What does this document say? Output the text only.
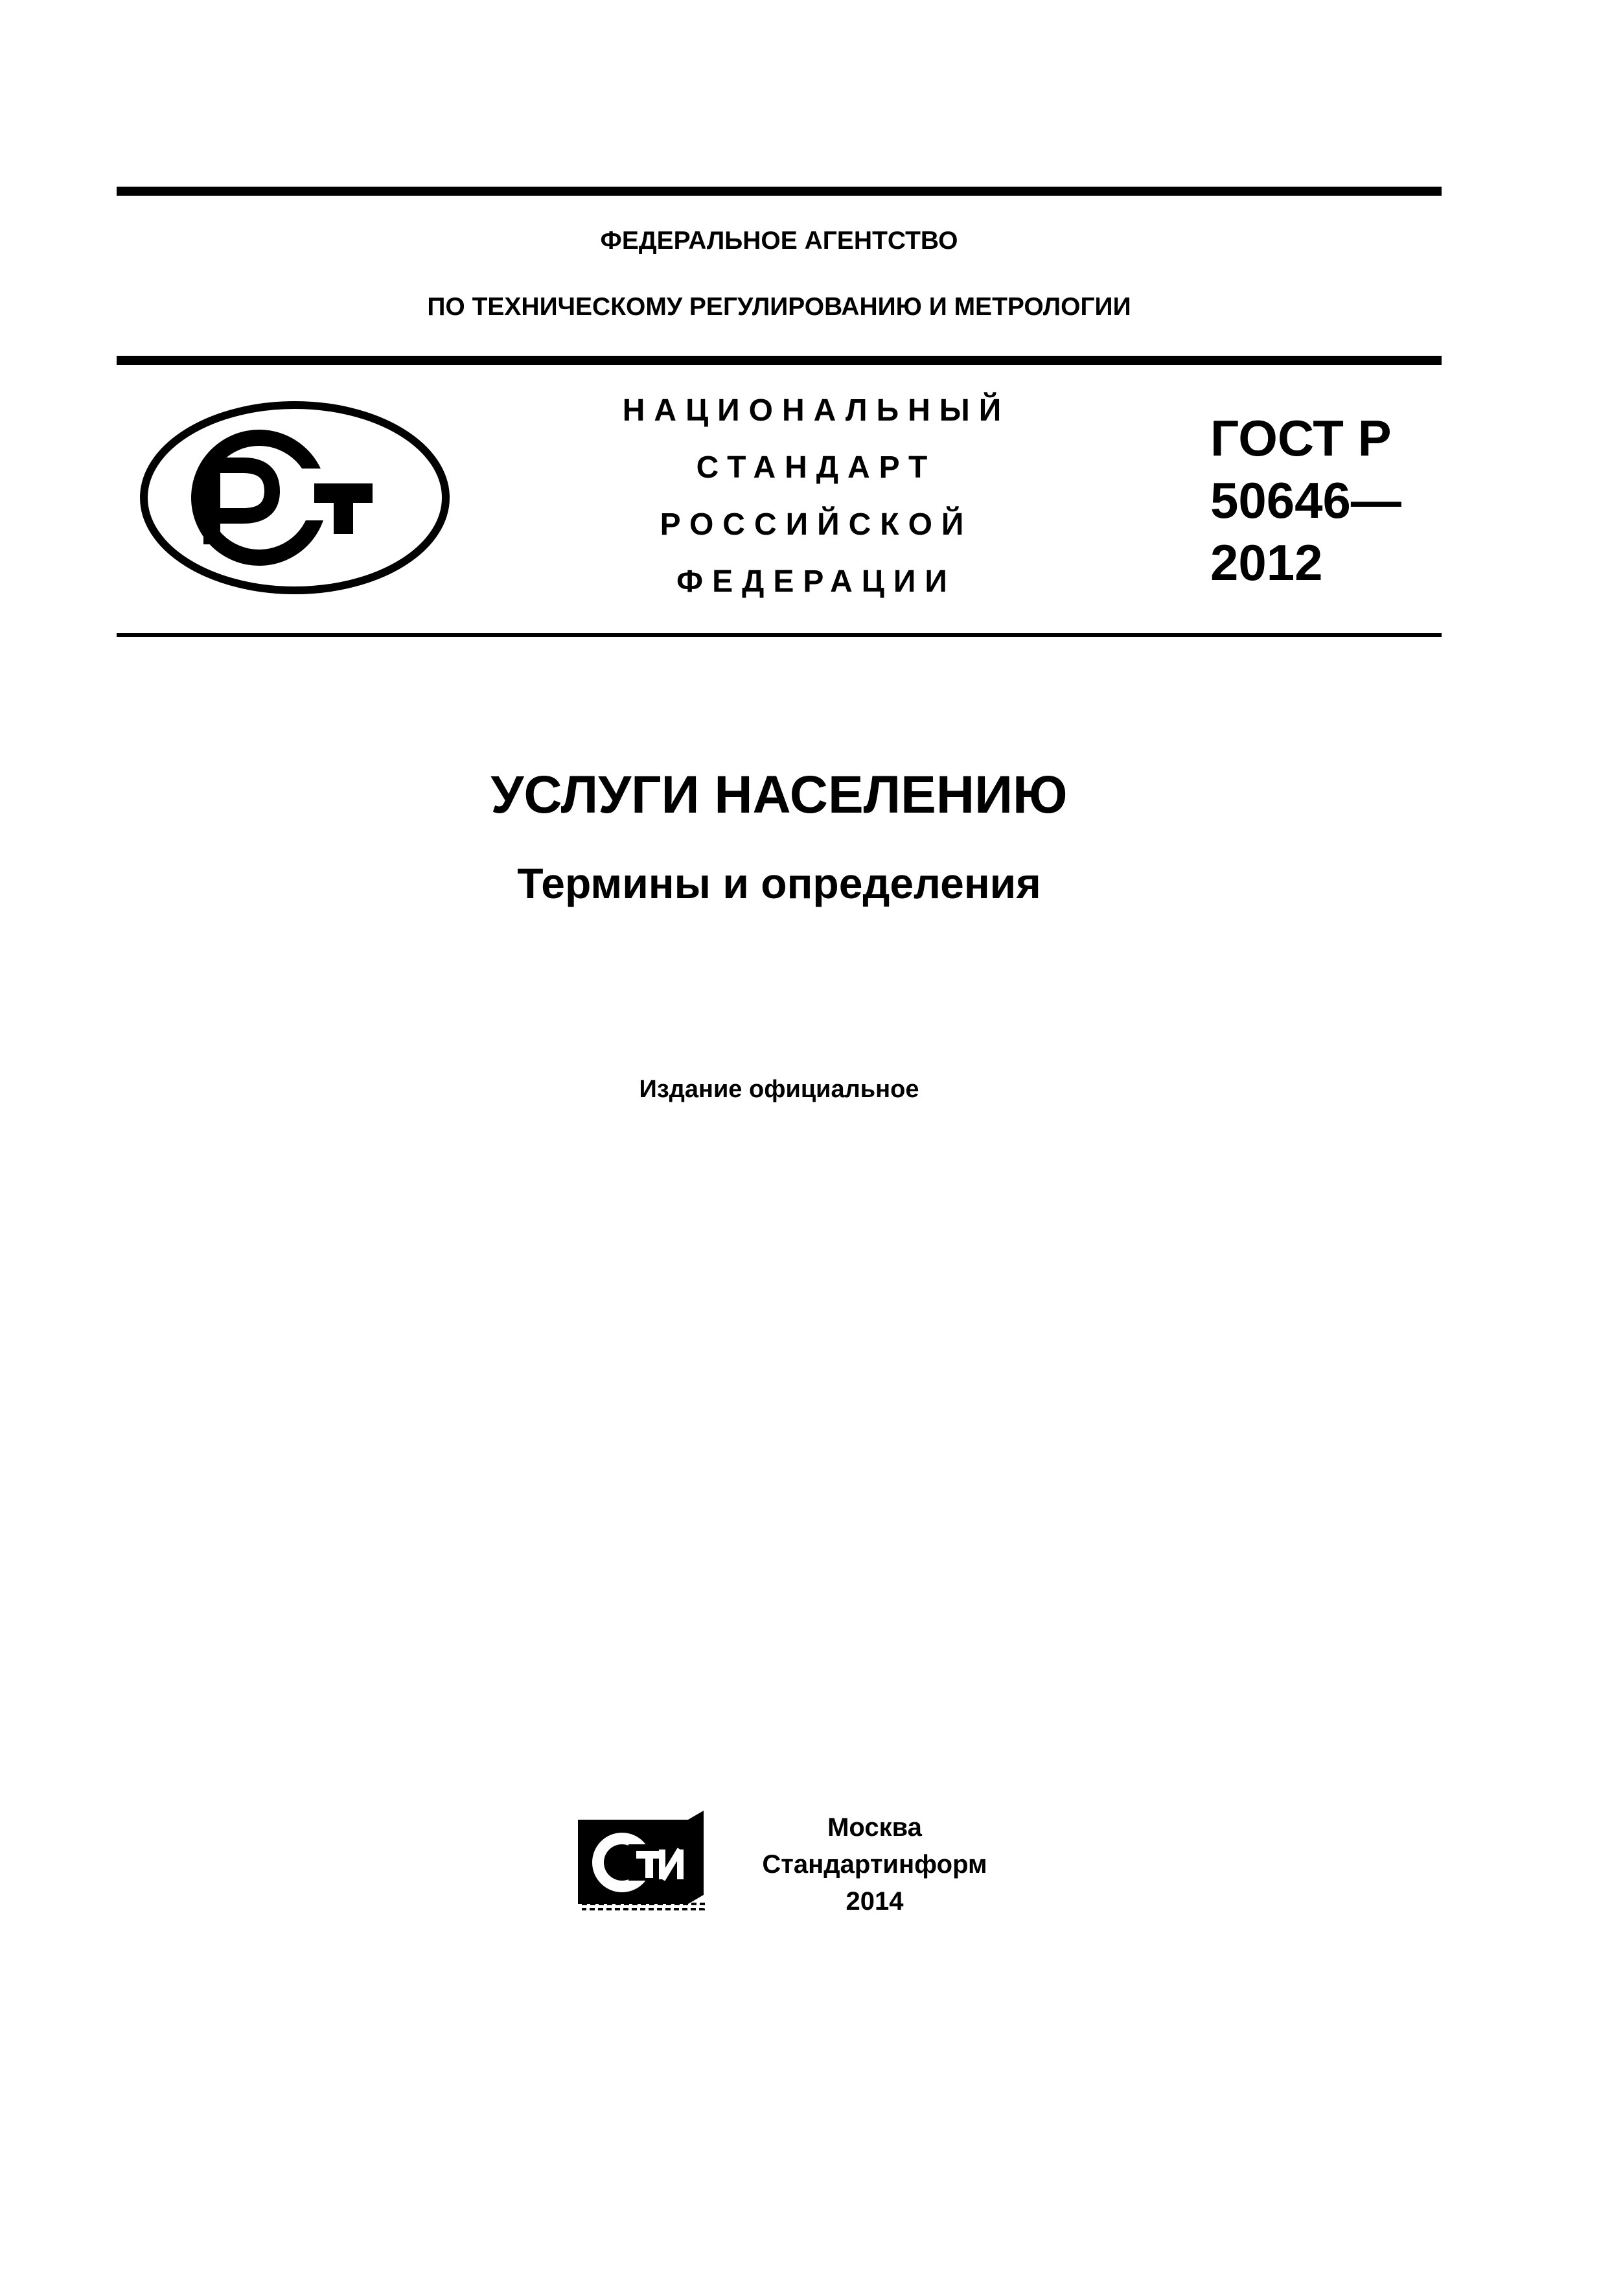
ФЕДЕРАЛЬНОЕ АГЕНТСТВО
ПО ТЕХНИЧЕСКОМУ РЕГУЛИРОВАНИЮ И МЕТРОЛОГИИ
НАЦИОНАЛЬНЫЙ
СТАНДАРТ
РОССИЙСКОЙ
ФЕДЕРАЦИИ
ГОСТ Р
50646—
2012
УСЛУГИ НАСЕЛЕНИЮ
Термины и определения
Издание официальное
Москва
Стандартинформ
2014
